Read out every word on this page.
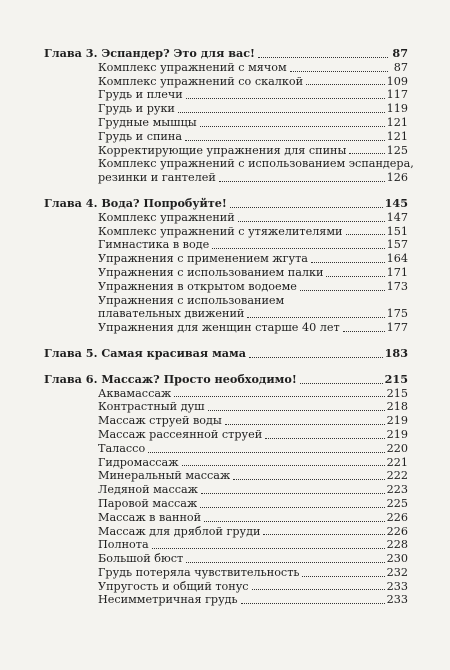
Глава 3. Эспандер? Это для вас!	87
Комплекс упражнений с мячом	87
Комплекс упражнений со скалкой	109
Грудь и плечи	117
Грудь и руки	119
Грудные мышцы	121
Грудь и спина	121
Корректирующие упражнения для спины	125
Комплекс упражнений с использованием эспандера,
резинки и гантелей	126
Глава 4. Вода? Попробуйте!	145
Комплекс упражнений	147
Комплекс упражнений с утяжелителями	151
Гимнастика в воде	157
Упражнения с применением жгута	164
Упражнения с использованием палки	171
Упражнения в открытом водоеме	173
Упражнения с использованием
плавательных движений	175
Упражнения для женщин старше 40 лет	177
Глава 5. Самая красивая мама	183
Глава 6. Массаж? Просто необходимо!	215
Аквамассаж	215
Контрастный душ	218
Массаж струей воды	219
Массаж рассеянной струей	219
Талассо	220
Гидромассаж	221
Минеральный массаж	222
Ледяной массаж	223
Паровой массаж	225
Массаж в ванной	226
Массаж для дряблой груди	226
Полнота	228
Большой бюст	230
Грудь потеряла чувствительность	232
Упругость и общий тонус	233
Несимметричная грудь	233
